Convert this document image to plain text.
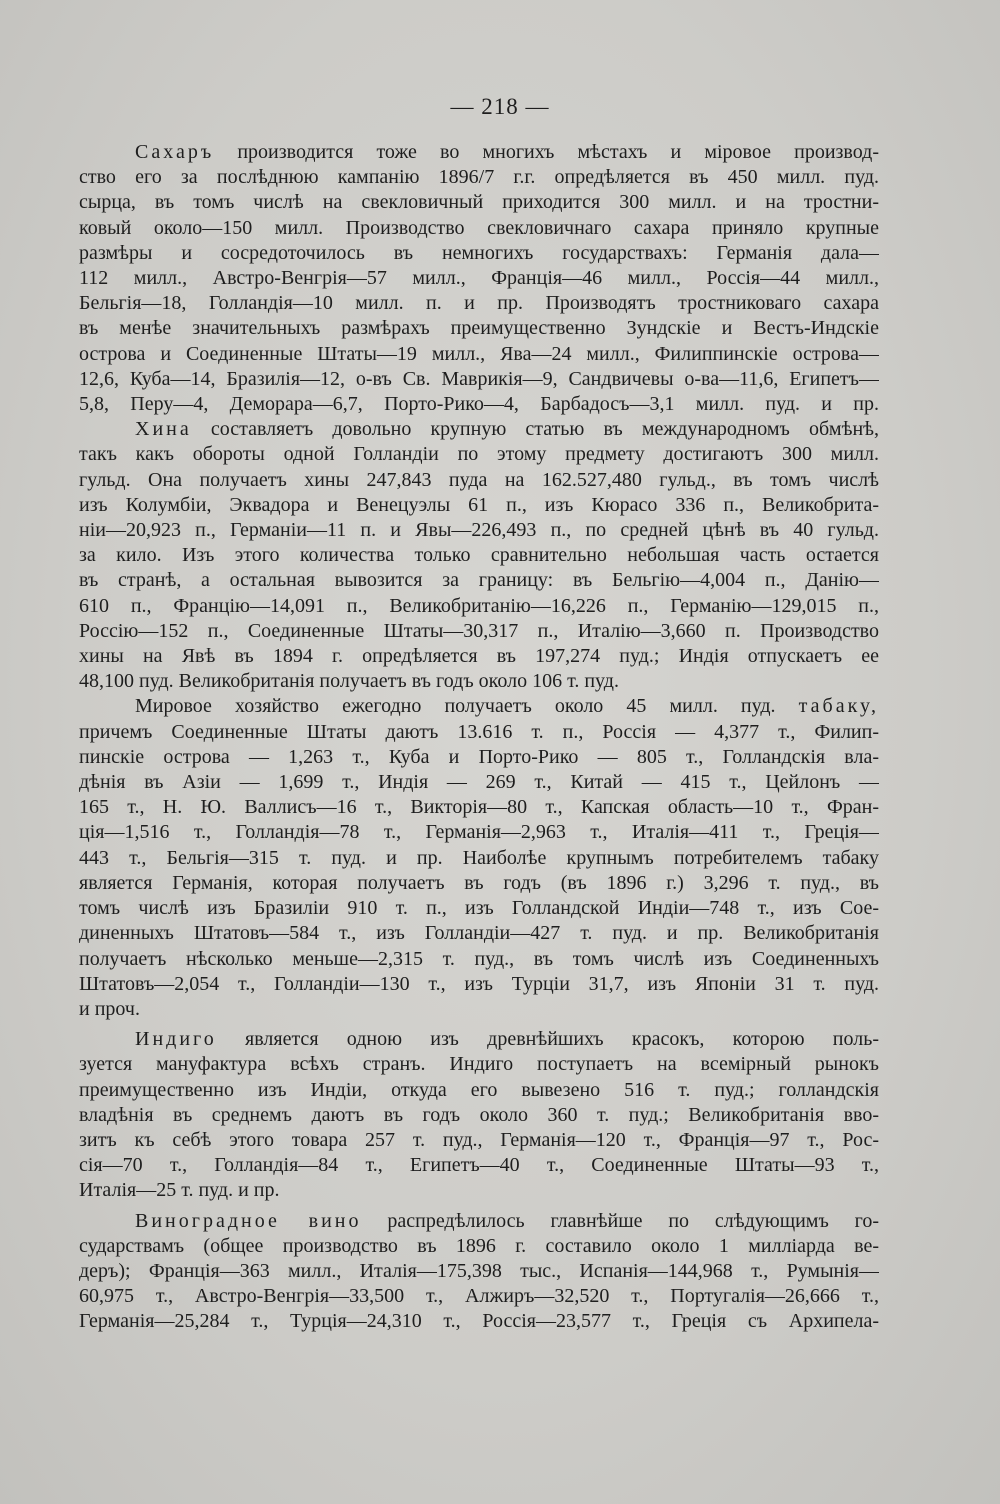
— 218 —
Сахаръ производится тоже во многихъ мѣстахъ и міровое производ-
ство его за послѣднюю кампанію 1896/7 г.г. опредѣляется въ 450 милл. пуд.
сырца, въ томъ числѣ на свекловичный приходится 300 милл. и на тростни-
ковый около—150 милл. Производство свекловичнаго сахара приняло крупные
размѣры и сосредоточилось въ немногихъ государствахъ: Германія дала—
112 милл., Австро-Венгрія—57 милл., Франція—46 милл., Россія—44 милл.,
Бельгія—18, Голландія—10 милл. п. и пр. Производятъ тростниковаго сахара
въ менѣе значительныхъ размѣрахъ преимущественно Зундскіе и Вестъ-Индскіе
острова и Соединенные Штаты—19 милл., Ява—24 милл., Филиппинскіе острова—
12,6, Куба—14, Бразилія—12, о-въ Св. Маврикія—9, Сандвичевы о-ва—11,6, Египетъ—
5,8, Перу—4, Деморара—6,7, Порто-Рико—4, Барбадосъ—3,1 милл. пуд. и пр.
Хина составляетъ довольно крупную статью въ международномъ обмѣнѣ,
такъ какъ обороты одной Голландіи по этому предмету достигаютъ 300 милл.
гульд. Она получаетъ хины 247,843 пуда на 162.527,480 гульд., въ томъ числѣ
изъ Колумбіи, Эквадора и Венецуэлы 61 п., изъ Кюрасо 336 п., Великобрита-
ніи—20,923 п., Германіи—11 п. и Явы—226,493 п., по средней цѣнѣ въ 40 гульд.
за кило. Изъ этого количества только сравнительно небольшая часть остается
въ странѣ, а остальная вывозится за границу: въ Бельгію—4,004 п., Данію—
610 п., Францію—14,091 п., Великобританію—16,226 п., Германію—129,015 п.,
Россію—152 п., Соединенные Штаты—30,317 п., Италію—3,660 п. Производство
хины на Явѣ въ 1894 г. опредѣляется въ 197,274 пуд.; Индія отпускаетъ ее
48,100 пуд. Великобританія получаетъ въ годъ около 106 т. пуд.
Мировое хозяйство ежегодно получаетъ около 45 милл. пуд. табаку,
причемъ Соединенные Штаты даютъ 13.616 т. п., Россія — 4,377 т., Филип-
пинскіе острова — 1,263 т., Куба и Порто-Рико — 805 т., Голландскія вла-
дѣнія въ Азіи — 1,699 т., Индія — 269 т., Китай — 415 т., Цейлонъ —
165 т., Н. Ю. Валлисъ—16 т., Викторія—80 т., Капская область—10 т., Фран-
ція—1,516 т., Голландія—78 т., Германія—2,963 т., Италія—411 т., Греція—
443 т., Бельгія—315 т. пуд. и пр. Наиболѣе крупнымъ потребителемъ табаку
является Германія, которая получаетъ въ годъ (въ 1896 г.) 3,296 т. пуд., въ
томъ числѣ изъ Бразиліи 910 т. п., изъ Голландской Индіи—748 т., изъ Сое-
диненныхъ Штатовъ—584 т., изъ Голландіи—427 т. пуд. и пр. Великобританія
получаетъ нѣсколько меньше—2,315 т. пуд., въ томъ числѣ изъ Соединенныхъ
Штатовъ—2,054 т., Голландіи—130 т., изъ Турціи 31,7, изъ Японіи 31 т. пуд.
и проч.
Индиго является одною изъ древнѣйшихъ красокъ, которою поль-
зуется мануфактура всѣхъ странъ. Индиго поступаетъ на всемірный рынокъ
преимущественно изъ Индіи, откуда его вывезено 516 т. пуд.; голландскія
владѣнія въ среднемъ даютъ въ годъ около 360 т. пуд.; Великобританія вво-
зитъ къ себѣ этого товара 257 т. пуд., Германія—120 т., Франція—97 т., Рос-
сія—70 т., Голландія—84 т., Египетъ—40 т., Соединенные Штаты—93 т.,
Италія—25 т. пуд. и пр.
Виноградное вино распредѣлилось главнѣйше по слѣдующимъ го-
сударствамъ (общее производство въ 1896 г. составило около 1 милліарда ве-
деръ); Франція—363 милл., Италія—175,398 тыс., Испанія—144,968 т., Румынія—
60,975 т., Австро-Венгрія—33,500 т., Алжиръ—32,520 т., Португалія—26,666 т.,
Германія—25,284 т., Турція—24,310 т., Россія—23,577 т., Греція съ Архипела-
